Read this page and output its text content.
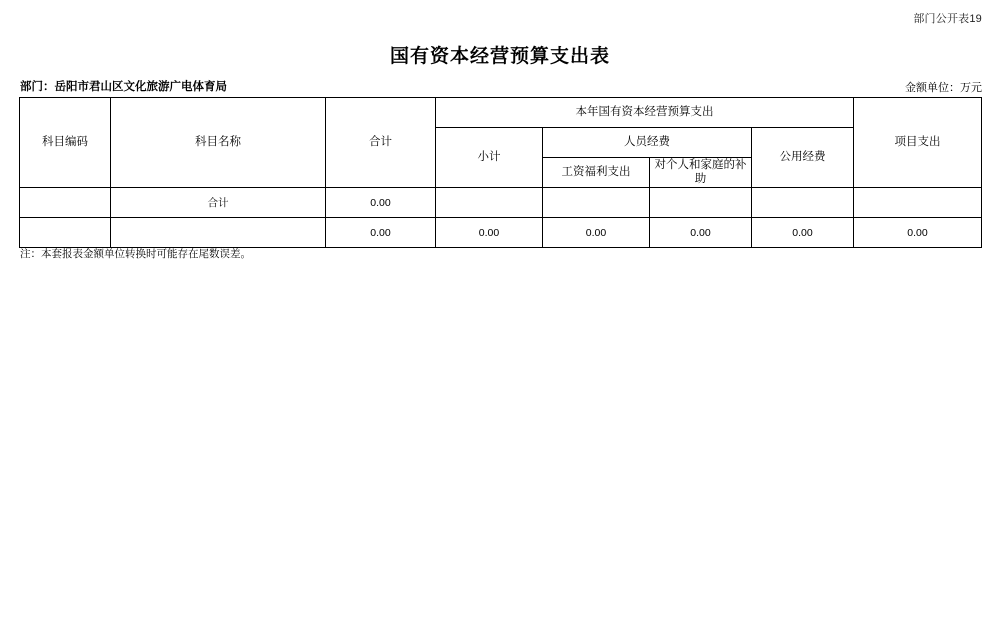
部门公开表19
国有资本经营预算支出表
部门：岳阳市君山区文化旅游广电体育局	金额单位：万元
科目编码	科目名称	合计	本年国有资本经营预算支出				项目支出
			小计	人员经费		公用经费	
				工资福利支出	对个人和家庭的补助		
	合计	0.00					
		0.00	0.00	0.00	0.00	0.00	0.00
注：本套报表金额单位转换时可能存在尾数误差。
